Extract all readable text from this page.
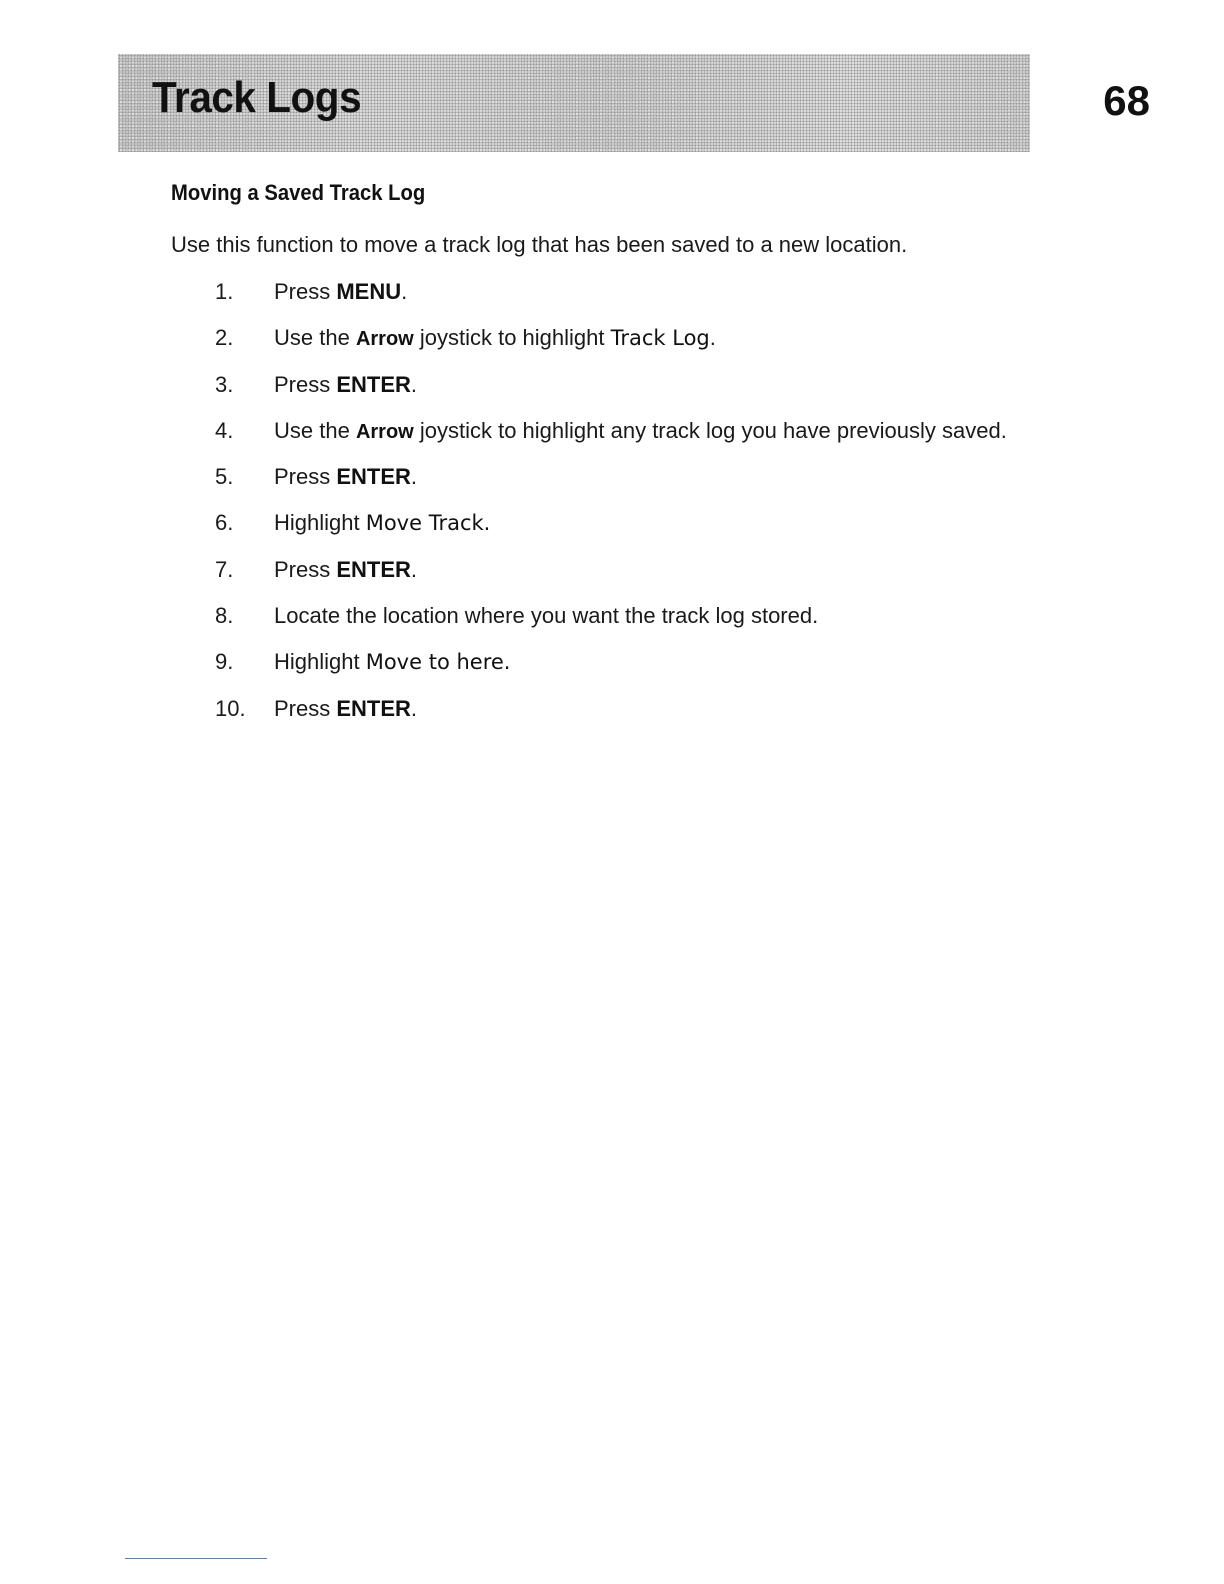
Track Logs	68
Moving a Saved Track Log
Use this function to move a track log that has been saved to a new location.
1.	Press MENU.
2.	Use the Arrow joystick to highlight Track Log.
3.	Press ENTER.
4.	Use the Arrow joystick to highlight any track log you have previously saved.
5.	Press ENTER.
6.	Highlight Move Track.
7.	Press ENTER.
8.	Locate the location where you want the track log stored.
9.	Highlight Move to here.
10.	Press ENTER.
